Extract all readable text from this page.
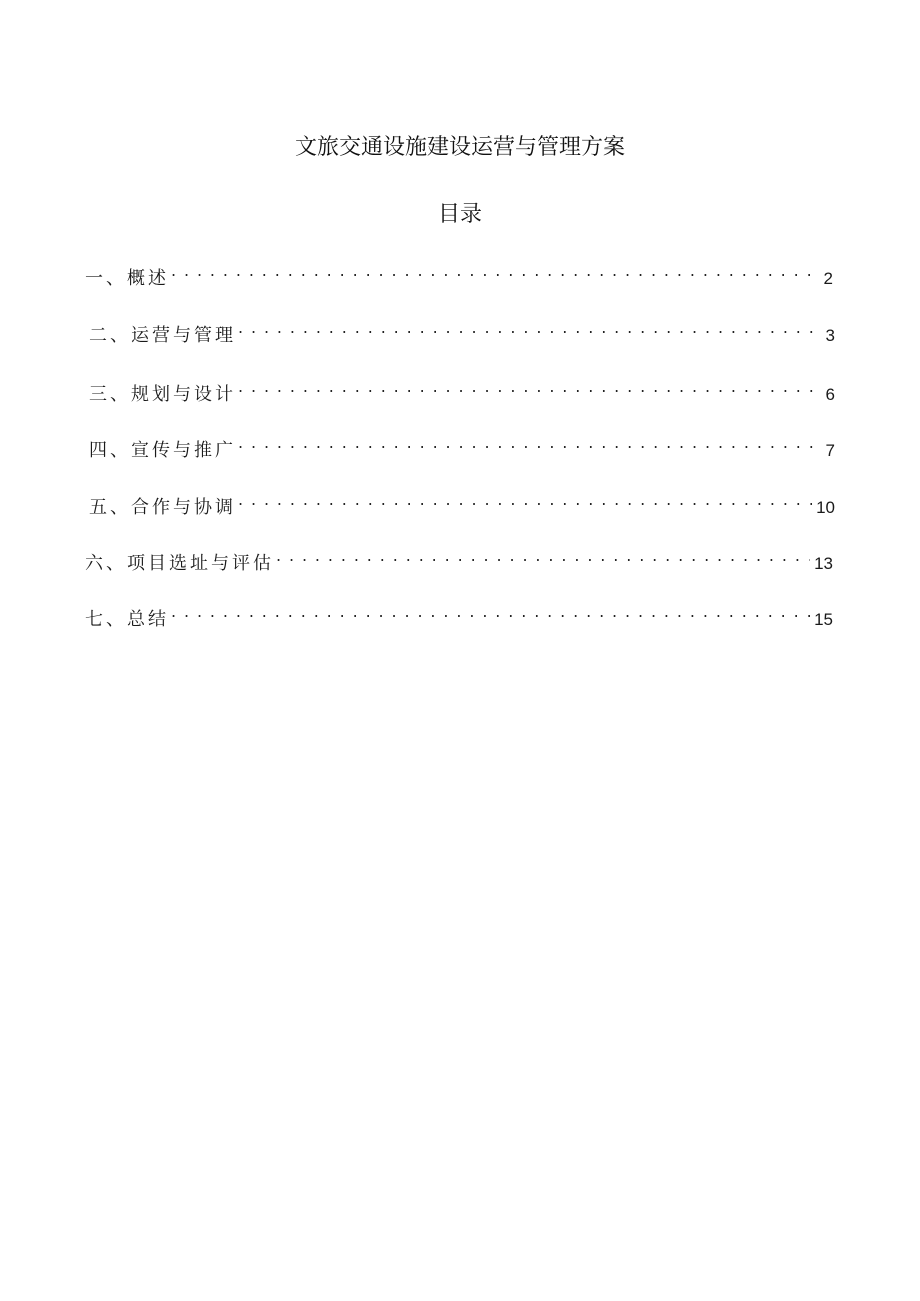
文旅交通设施建设运营与管理方案
目录
一、概述 . . .	2
二、运营与管理 . . .	3
三、规划与设计 . . .	6
四、宣传与推广 . . .	7
五、合作与协调 . . .	10
六、项目选址与评估 . . .	13
七、总结 . . .	15
